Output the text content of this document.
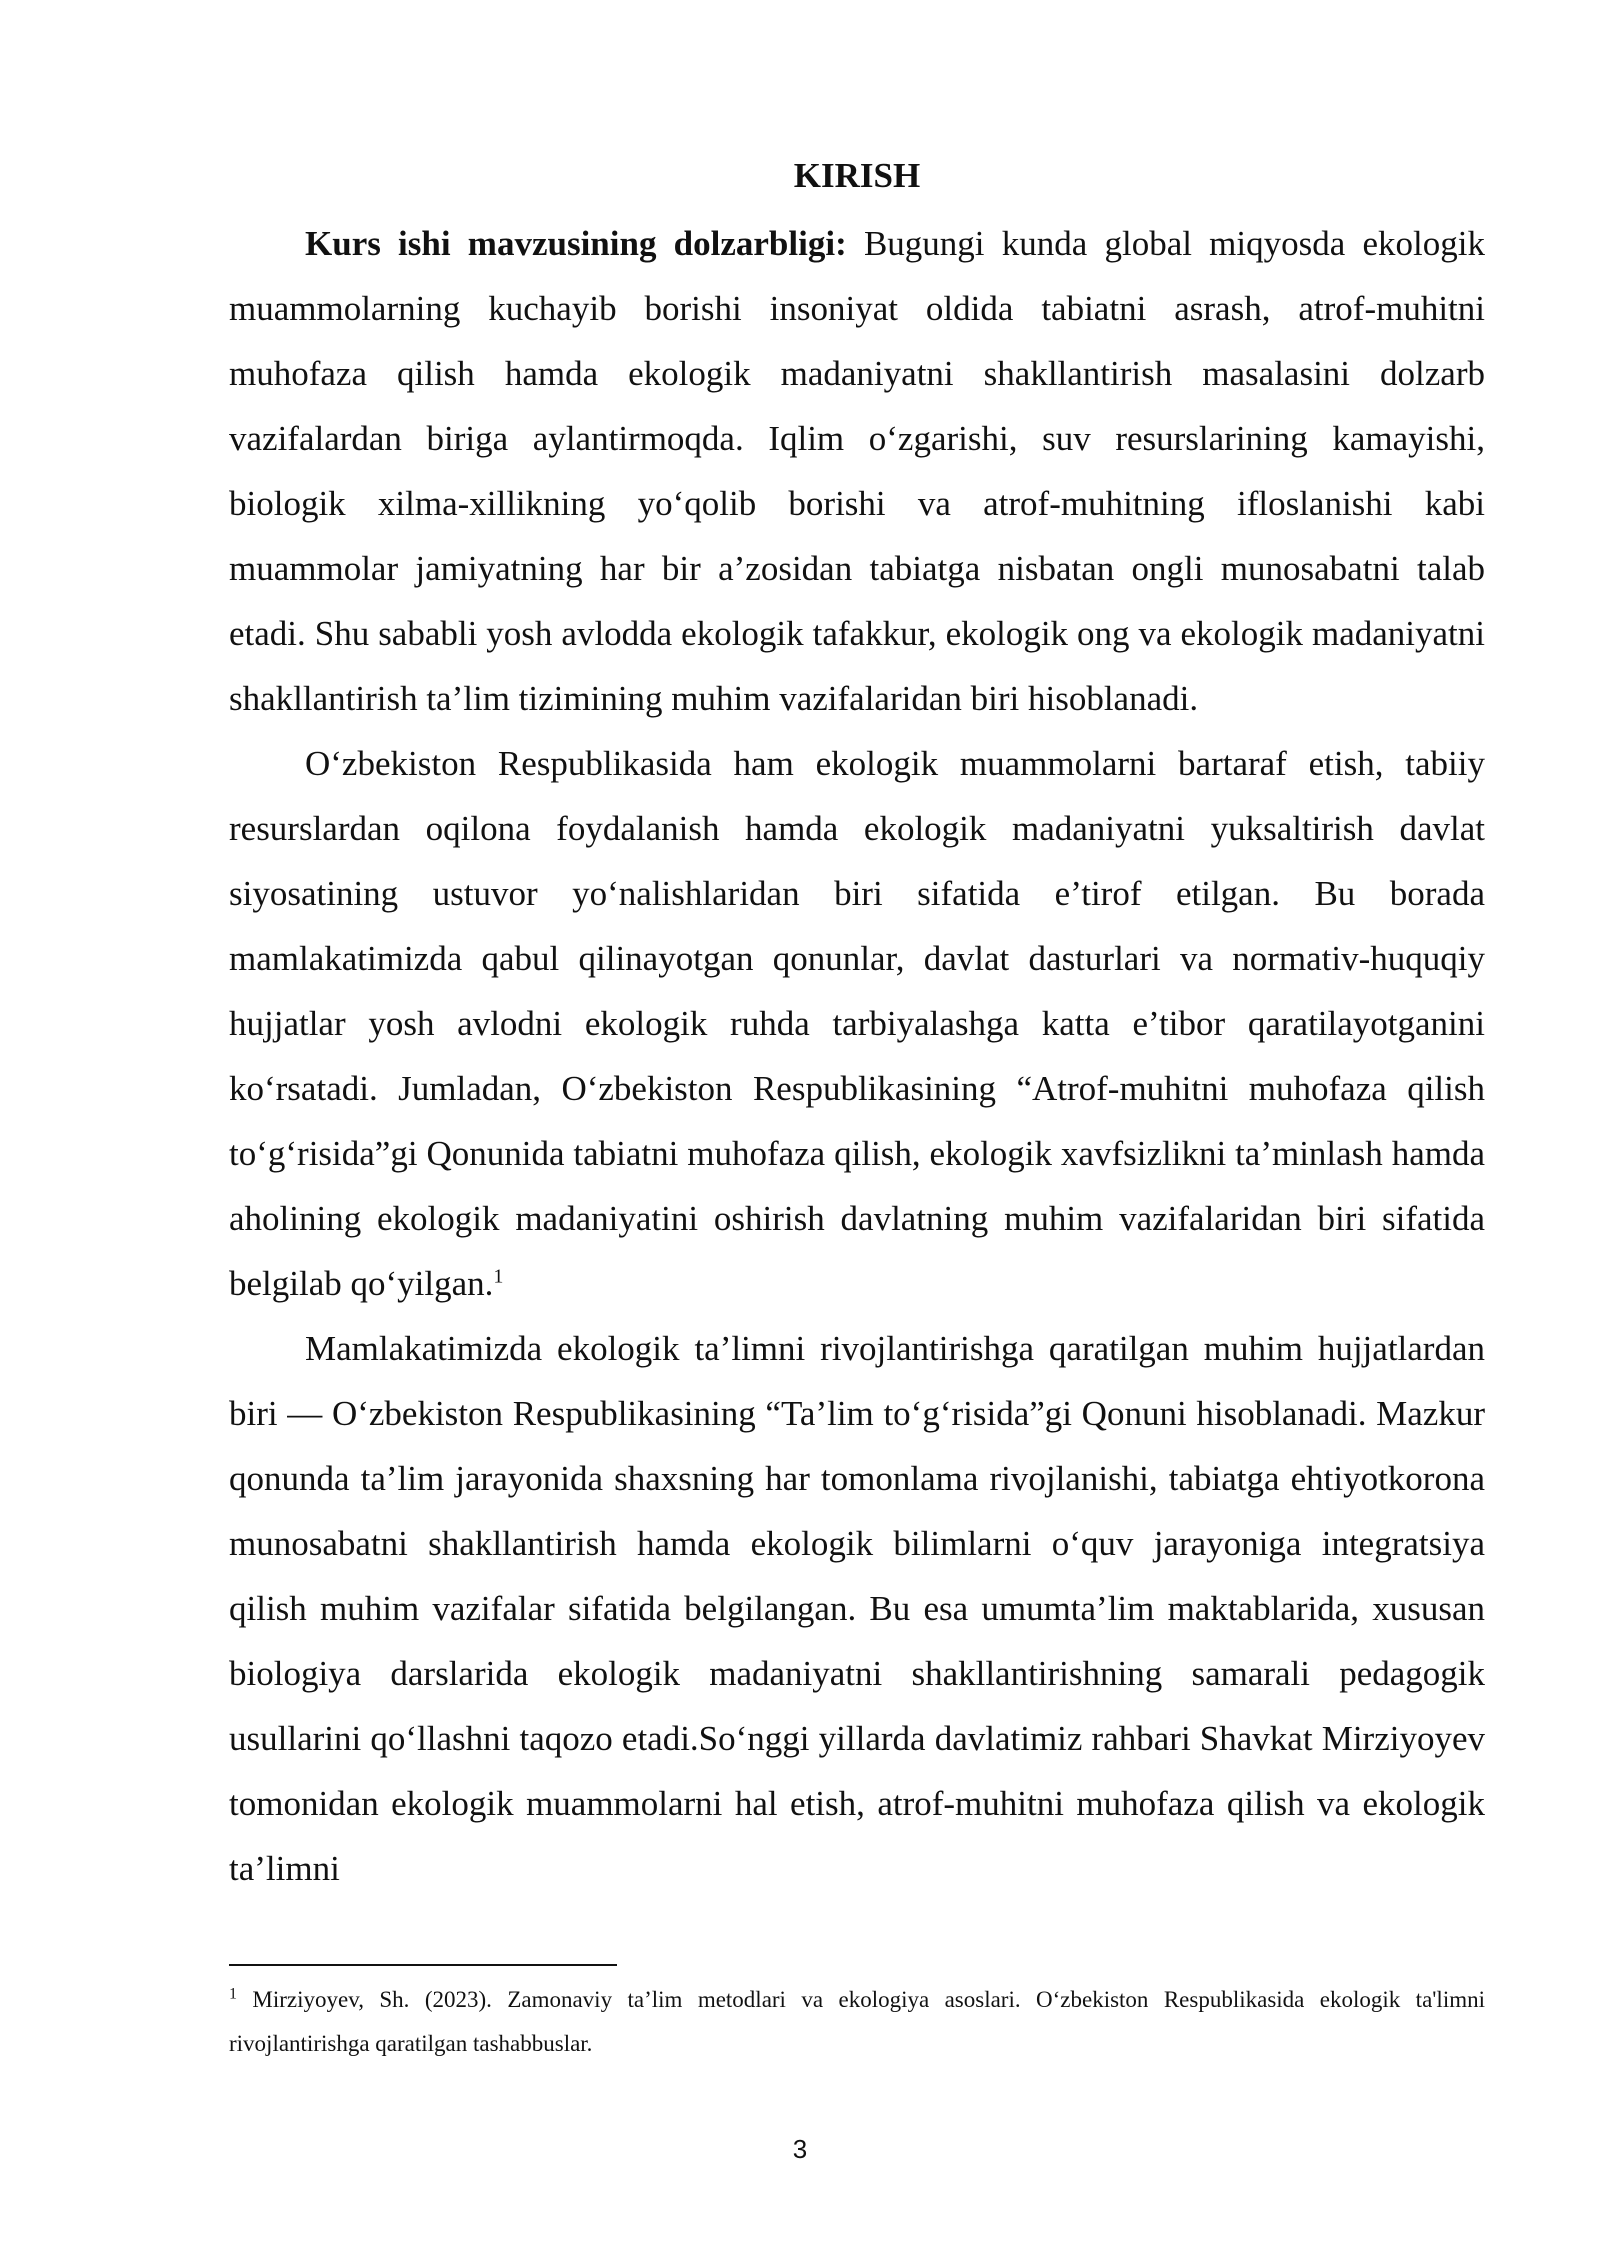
KIRISH

Kurs ishi mavzusining dolzarbligi: Bugungi kunda global miqyosda ekologik muammolarning kuchayib borishi insoniyat oldida tabiatni asrash, atrof-muhitni muhofaza qilish hamda ekologik madaniyatni shakllantirish masalasini dolzarb vazifalardan biriga aylantirmoqda. Iqlim o‘zgarishi, suv resurslarining kamayishi, biologik xilma-xillikning yo‘qolib borishi va atrof-muhitning ifloslanishi kabi muammolar jamiyatning har bir a’zosidan tabiatga nisbatan ongli munosabatni talab etadi. Shu sababli yosh avlodda ekologik tafakkur, ekologik ong va ekologik madaniyatni shakllantirish ta’lim tizimining muhim vazifalaridan biri hisoblanadi.

O‘zbekiston Respublikasida ham ekologik muammolarni bartaraf etish, tabiiy resurslardan oqilona foydalanish hamda ekologik madaniyatni yuksaltirish davlat siyosatining ustuvor yo‘nalishlaridan biri sifatida e’tirof etilgan. Bu borada mamlakatimizda qabul qilinayotgan qonunlar, davlat dasturlari va normativ-huquqiy hujjatlar yosh avlodni ekologik ruhda tarbiyalashga katta e’tibor qaratilayotganini ko‘rsatadi. Jumladan, O‘zbekiston Respublikasining “Atrof-muhitni muhofaza qilish to‘g‘risida”gi Qonunida tabiatni muhofaza qilish, ekologik xavfsizlikni ta’minlash hamda aholining ekologik madaniyatini oshirish davlatning muhim vazifalaridan biri sifatida belgilab qo‘yilgan.$^1$

Mamlakatimizda ekologik ta’limni rivojlantirishga qaratilgan muhim hujjatlardan biri — O‘zbekiston Respublikasining “Ta’lim to‘g‘risida”gi Qonuni hisoblanadi. Mazkur qonunda ta’lim jarayonida shaxsning har tomonlama rivojlanishi, tabiatga ehtiyotkorona munosabatni shakllantirish hamda ekologik bilimlarni o‘quv jarayoniga integratsiya qilish muhim vazifalar sifatida belgilangan. Bu esa umumta’lim maktablarida, xususan biologiya darslarida ekologik madaniyatni shakllantirishning samarali pedagogik usullarini qo‘llashni taqozo etadi.So‘nggi yillarda davlatimiz rahbari Shavkat Mirziyoyev tomonidan ekologik muammolarni hal etish, atrof-muhitni muhofaza qilish va ekologik ta’limni

$^1$ Mirziyoyev, Sh. (2023). Zamonaviy ta’lim metodlari va ekologiya asoslari. O‘zbekiston Respublikasida ekologik ta'limni rivojlantirishga qaratilgan tashabbuslar.
3
